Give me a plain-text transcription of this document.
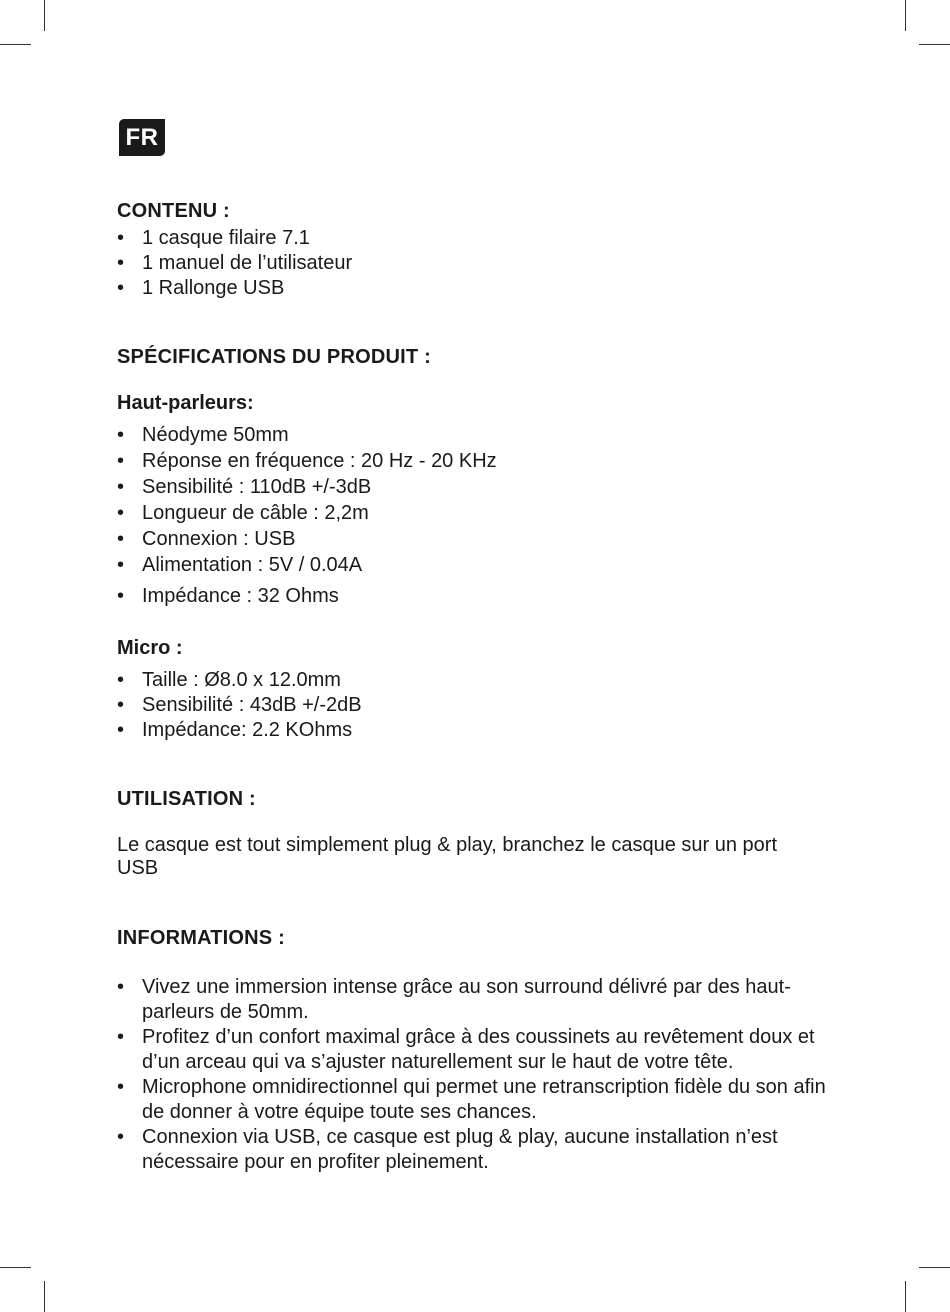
FR
CONTENU :
• 1 casque filaire 7.1
• 1 manuel de l’utilisateur
• 1 Rallonge USB
SPÉCIFICATIONS DU PRODUIT :
Haut-parleurs:
• Néodyme 50mm
• Réponse en fréquence : 20 Hz - 20 KHz
• Sensibilité : 110dB +/-3dB
• Longueur de câble : 2,2m
• Connexion : USB
• Alimentation : 5V / 0.04A
• Impédance : 32 Ohms
Micro :
• Taille : Ø8.0 x 12.0mm
• Sensibilité : 43dB +/-2dB
• Impédance: 2.2 KOhms
UTILISATION :

Le casque est tout simplement plug & play, branchez le casque sur un port USB

INFORMATIONS :
• Vivez une immersion intense grâce au son surround délivré par des haut-parleurs de 50mm.
• Profitez d’un confort maximal grâce à des coussinets au revêtement doux et d’un arceau qui va s’ajuster naturellement sur le haut de votre tête.
• Microphone omnidirectionnel qui permet une retranscription fidèle du son afin de donner à votre équipe toute ses chances.
• Connexion via USB, ce casque est plug & play, aucune installation n’est nécessaire pour en profiter pleinement.
